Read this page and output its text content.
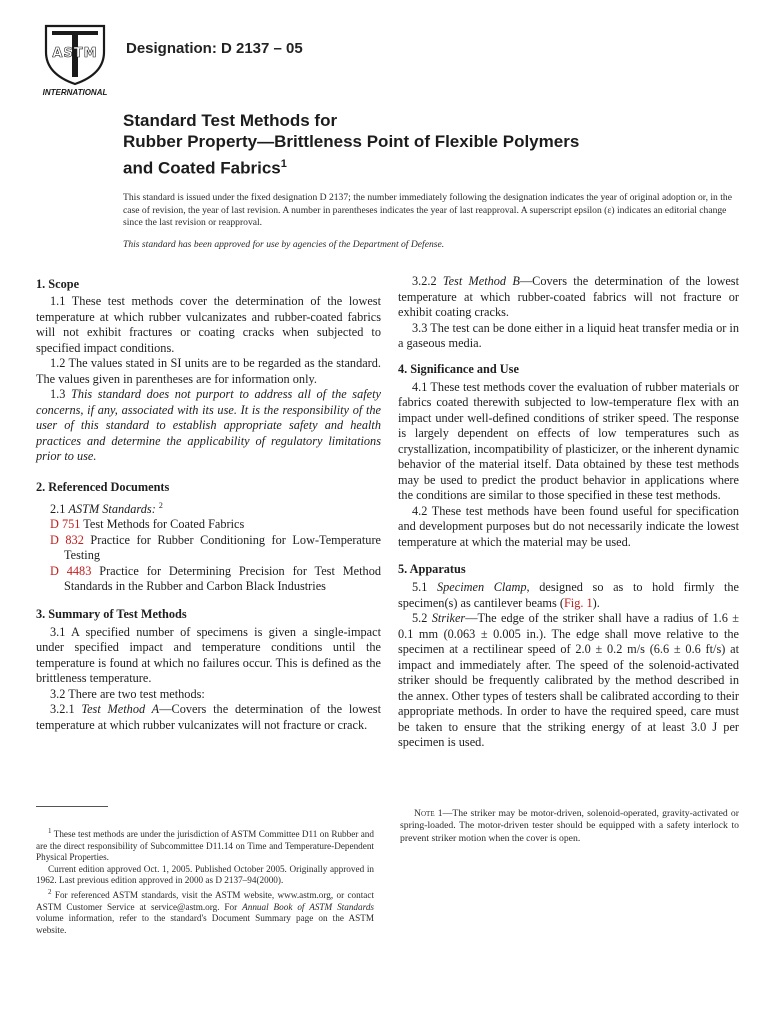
ASTM
INTERNATIONAL
Designation: D 2137 – 05
Standard Test Methods for
Rubber Property—Brittleness Point of Flexible Polymers
and Coated Fabrics$^1$

This standard is issued under the fixed designation D 2137; the number immediately following the designation indicates the year of original adoption or, in the case of revision, the year of last revision. A number in parentheses indicates the year of last reapproval. A superscript epsilon (ε) indicates an editorial change since the last revision or reapproval.

This standard has been approved for use by agencies of the Department of Defense.

1. Scope

1.1 These test methods cover the determination of the lowest temperature at which rubber vulcanizates and rubber-coated fabrics will not exhibit fractures or coating cracks when subjected to specified impact conditions.

1.2 The values stated in SI units are to be regarded as the standard. The values given in parentheses are for information only.

1.3 This standard does not purport to address all of the safety concerns, if any, associated with its use. It is the responsibility of the user of this standard to establish appropriate safety and health practices and determine the applicability of regulatory limitations prior to use.

2. Referenced Documents

2.1 ASTM Standards: $^2$

D 751 Test Methods for Coated Fabrics

D 832 Practice for Rubber Conditioning for Low-Temperature Testing

D 4483 Practice for Determining Precision for Test Method Standards in the Rubber and Carbon Black Industries

3. Summary of Test Methods

3.1 A specified number of specimens is given a single-impact under specified impact and temperature conditions until the temperature is found at which no failures occur. This is defined as the brittleness temperature.

3.2 There are two test methods:

3.2.1 Test Method A—Covers the determination of the lowest temperature at which rubber vulcanizates will not fracture or crack.

3.2.2 Test Method B—Covers the determination of the lowest temperature at which rubber-coated fabrics will not fracture or exhibit coating cracks.

3.3 The test can be done either in a liquid heat transfer media or in a gaseous media.

4. Significance and Use

4.1 These test methods cover the evaluation of rubber materials or fabrics coated therewith subjected to low-temperature flex with an impact under well-defined conditions of striker speed. The response is largely dependent on effects of low temperatures such as crystallization, incompatibility of plasticizer, or the inherent dynamic behavior of the material itself. Data obtained by these test methods may be used to predict the product behavior in applications where the conditions are similar to those specified in these test methods.

4.2 These test methods have been found useful for specification and development purposes but do not necessarily indicate the lowest temperature at which the material may be used.

5. Apparatus

5.1 Specimen Clamp, designed so as to hold firmly the specimen(s) as cantilever beams (Fig. 1).

5.2 Striker—The edge of the striker shall have a radius of 1.6 ± 0.1 mm (0.063 ± 0.005 in.). The edge shall move relative to the specimen at a rectilinear speed of 2.0 ± 0.2 m/s (6.6 ± 0.6 ft/s) at impact and immediately after. The speed of the solenoid-activated striker should be frequently calibrated by the method described in the annex. Other types of testers shall be calibrated according to their appropriate methods. In order to have the required speed, care must be taken to ensure that the striking energy of at least 3.0 J per specimen is used.

Note 1—The striker may be motor-driven, solenoid-operated, gravity-activated or spring-loaded. The motor-driven tester should be equipped with a safety interlock to prevent striker motion when the cover is open.

$^1$ These test methods are under the jurisdiction of ASTM Committee D11 on Rubber and are the direct responsibility of Subcommittee D11.14 on Time and Temperature-Dependent Physical Properties.

Current edition approved Oct. 1, 2005. Published October 2005. Originally approved in 1962. Last previous edition approved in 2000 as D 2137–94(2000).

$^2$ For referenced ASTM standards, visit the ASTM website, www.astm.org, or contact ASTM Customer Service at service@astm.org. For Annual Book of ASTM Standards volume information, refer to the standard's Document Summary page on the ASTM website.
